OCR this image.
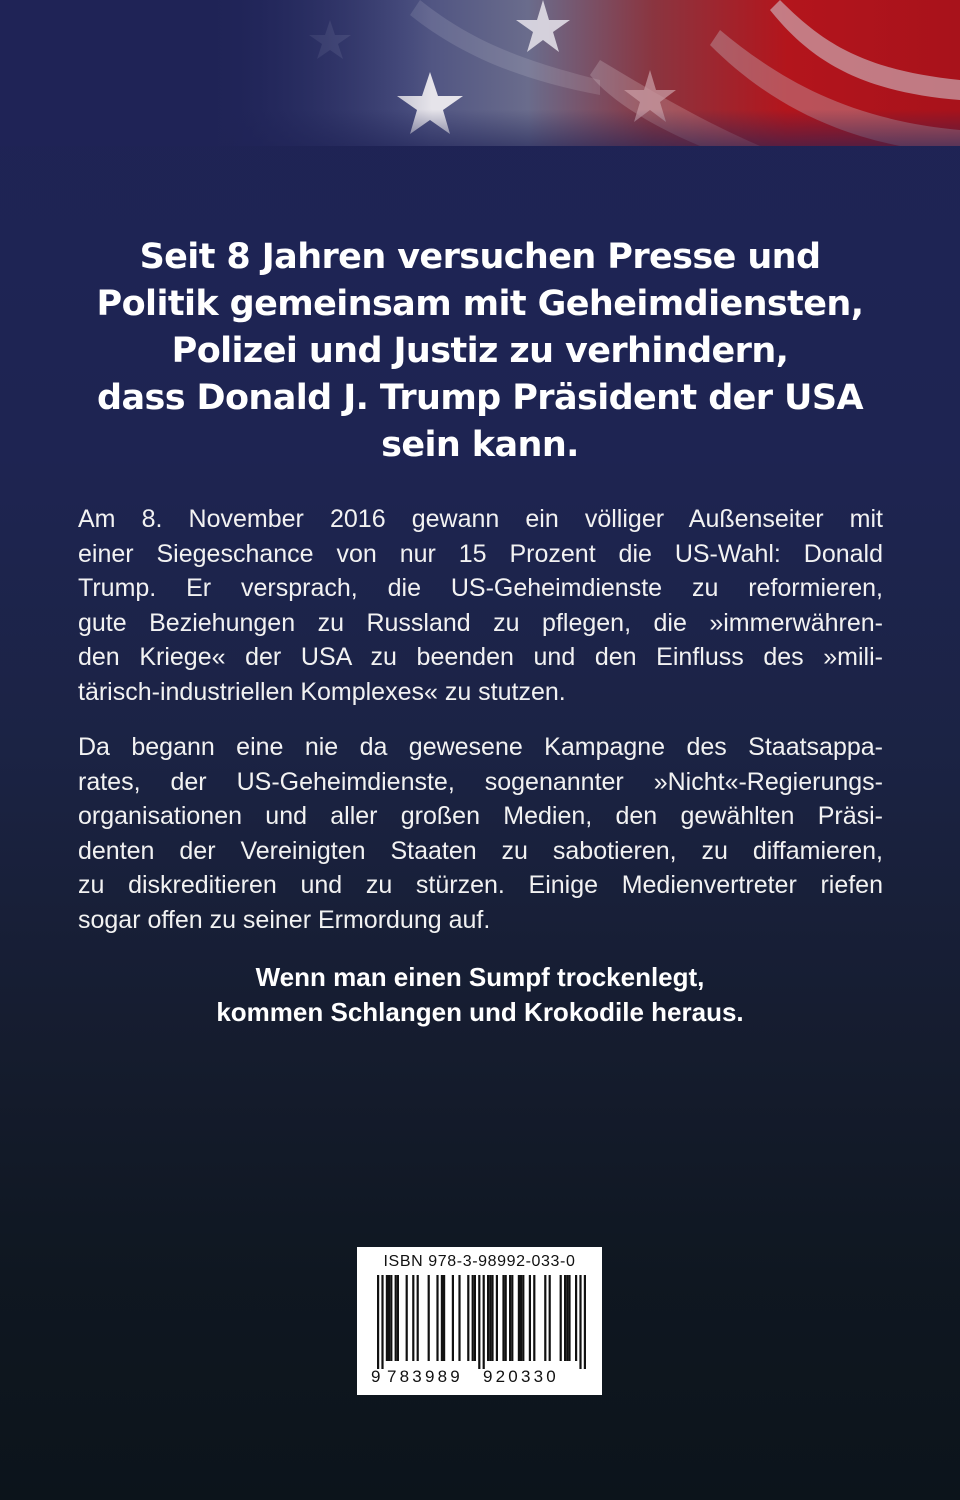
Seit 8 Jahren versuchen Presse und
Politik gemeinsam mit Geheimdiensten,
Polizei und Justiz zu verhindern,
dass Donald J. Trump Präsident der USA
sein kann.
Am 8. November 2016 gewann ein völliger Außenseiter mit
einer Siegeschance von nur 15 Prozent die US-Wahl: Donald
Trump. Er versprach, die US-Geheimdienste zu reformieren,
gute Beziehungen zu Russland zu pflegen, die »immerwähren-
den Kriege« der USA zu beenden und den Einfluss des »mili-
tärisch-industriellen Komplexes« zu stutzen.
Da begann eine nie da gewesene Kampagne des Staatsappa-
rates, der US-Geheimdienste, sogenannter »Nicht«-Regierungs-
organisationen und aller großen Medien, den gewählten Präsi-
denten der Vereinigten Staaten zu sabotieren, zu diffamieren,
zu diskreditieren und zu stürzen. Einige Medienvertreter riefen
sogar offen zu seiner Ermordung auf.
Wenn man einen Sumpf trockenlegt,
kommen Schlangen und Krokodile heraus.
ISBN 978-3-98992-033-0
9 783989 920330
